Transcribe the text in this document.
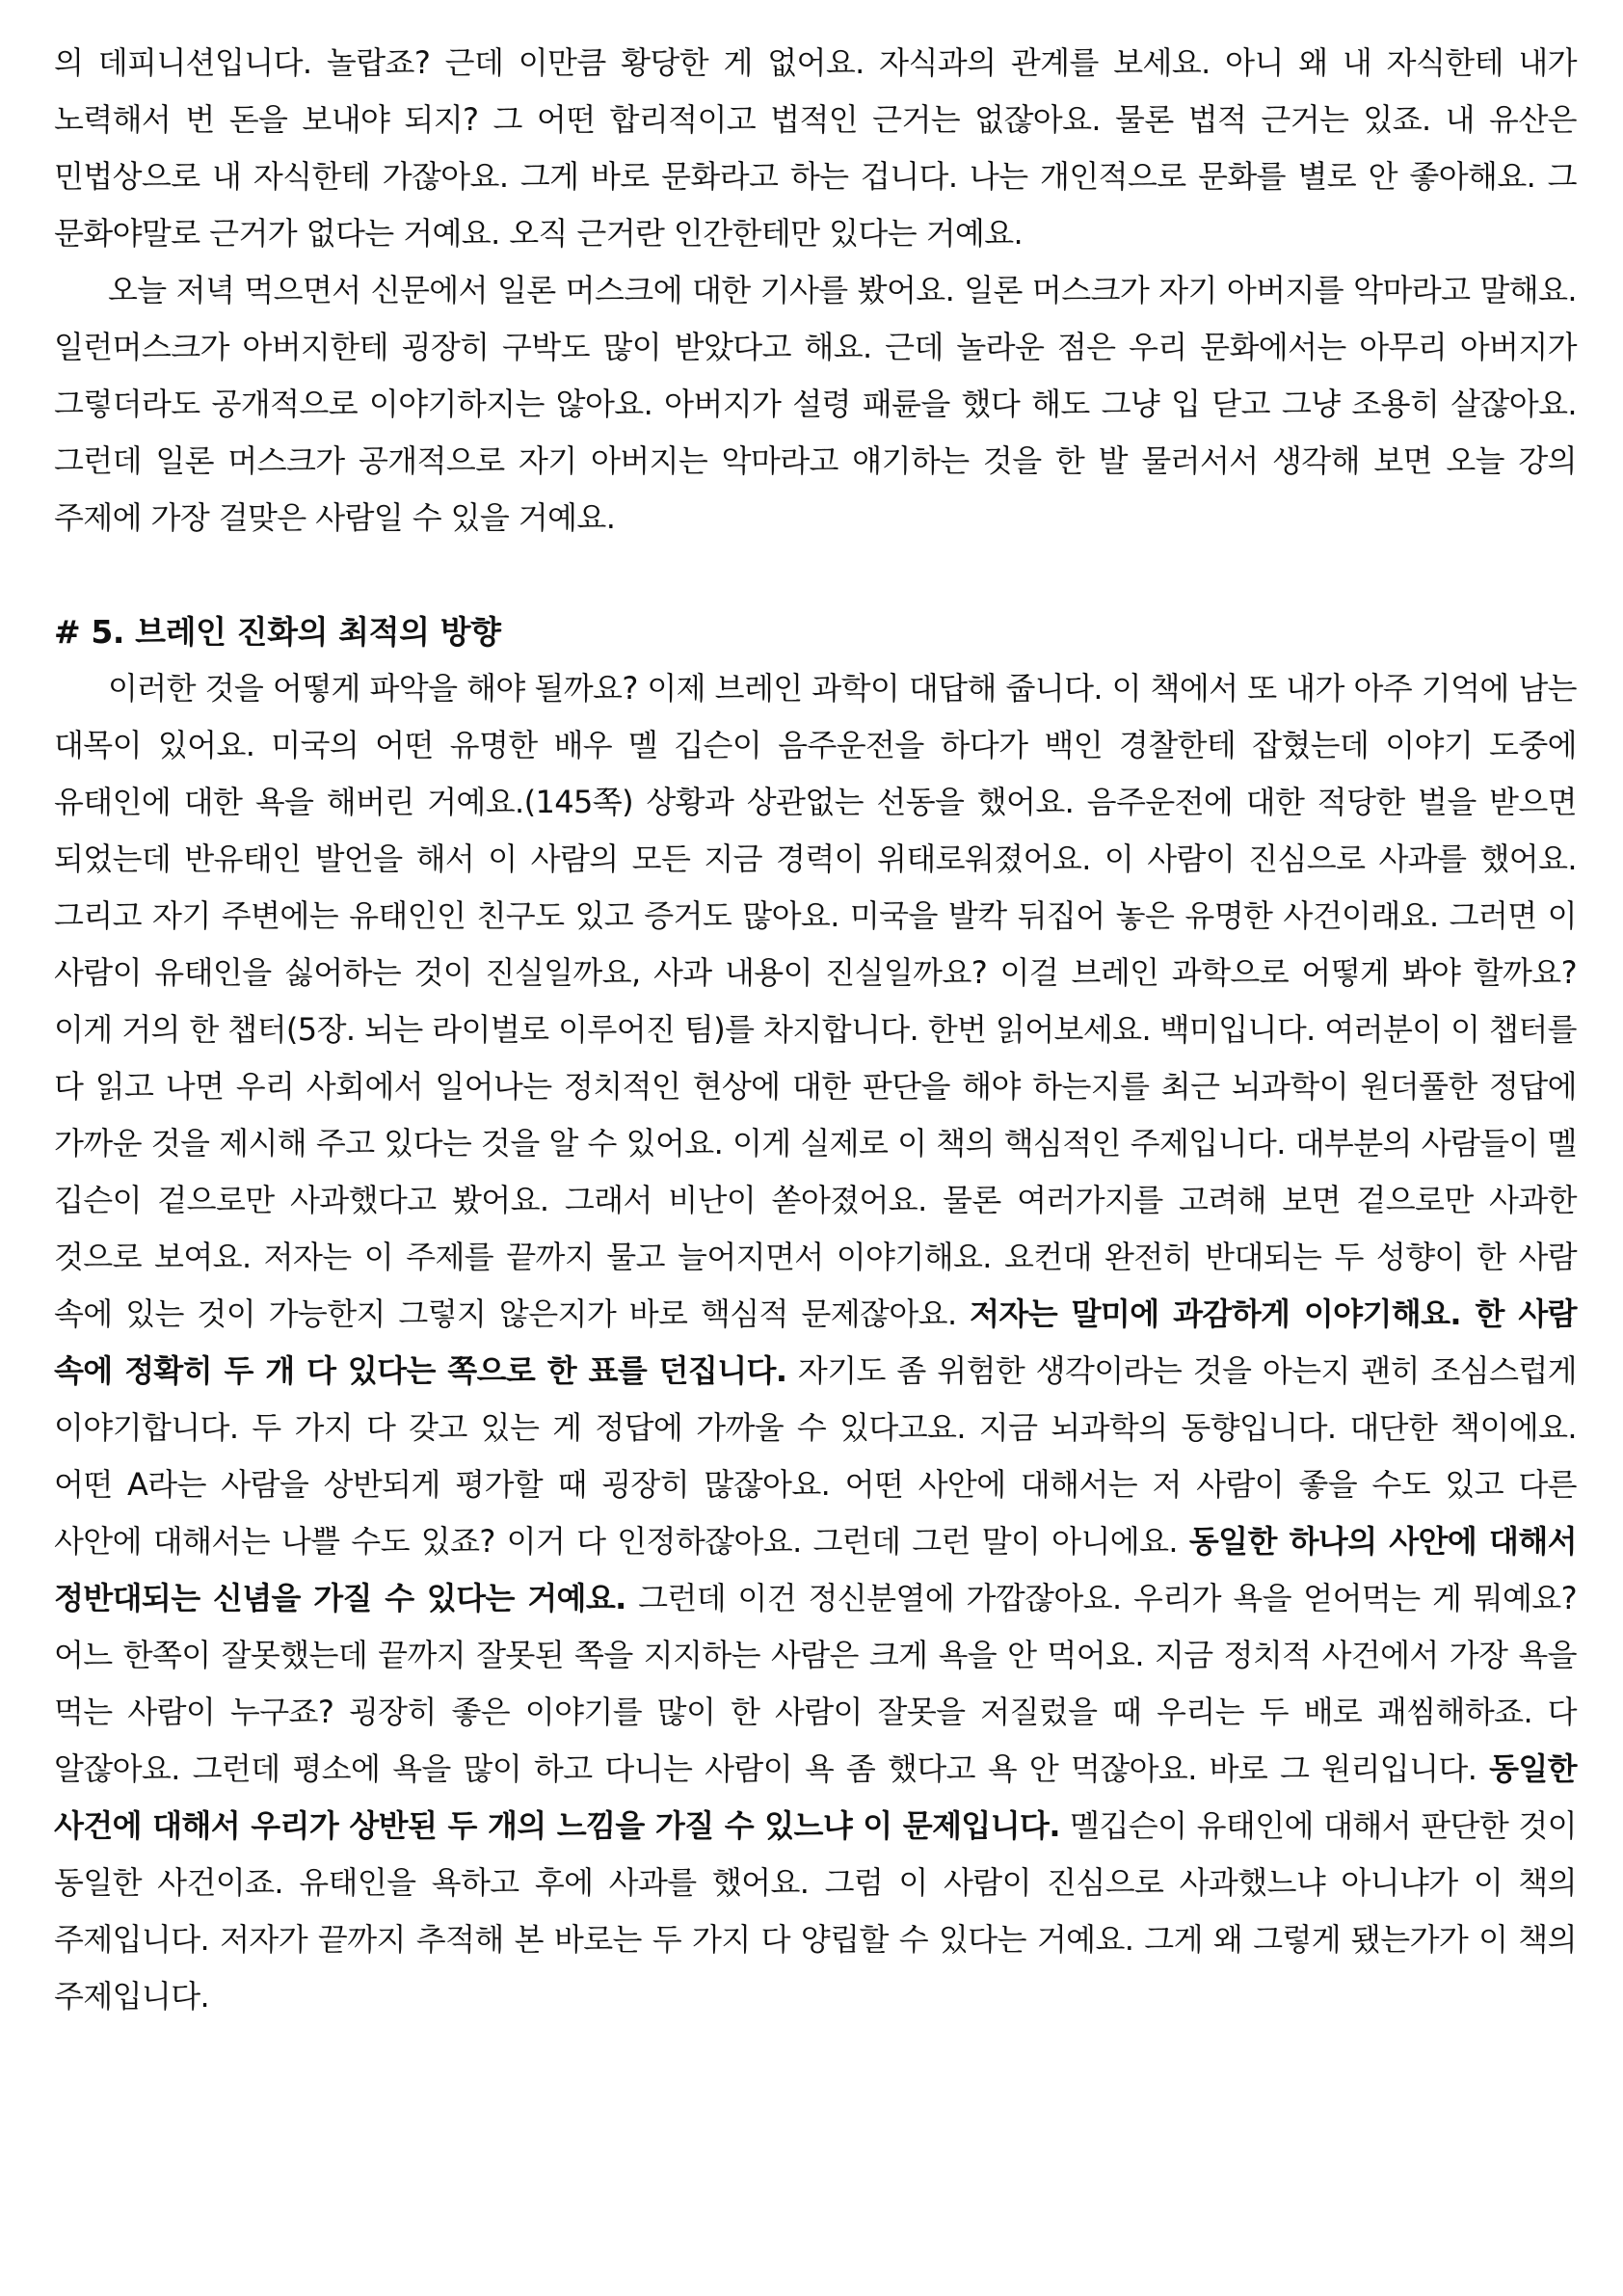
의 데피니션입니다. 놀랍죠? 근데 이만큼 황당한 게 없어요. 자식과의 관계를 보세요. 아니 왜 내 자식한테 내가 노력해서 번 돈을 보내야 되지? 그 어떤 합리적이고 법적인 근거는 없잖아요. 물론 법적 근거는 있죠. 내 유산은 민법상으로 내 자식한테 가잖아요. 그게 바로 문화라고 하는 겁니다. 나는 개인적으로 문화를 별로 안 좋아해요. 그 문화야말로 근거가 없다는 거예요. 오직 근거란 인간한테만 있다는 거예요.

오늘 저녁 먹으면서 신문에서 일론 머스크에 대한 기사를 봤어요. 일론 머스크가 자기 아버지를 악마라고 말해요. 일런머스크가 아버지한테 굉장히 구박도 많이 받았다고 해요. 근데 놀라운 점은 우리 문화에서는 아무리 아버지가 그렇더라도 공개적으로 이야기하지는 않아요. 아버지가 설령 패륜을 했다 해도 그냥 입 닫고 그냥 조용히 살잖아요. 그런데 일론 머스크가 공개적으로 자기 아버지는 악마라고 얘기하는 것을 한 발 물러서서 생각해 보면 오늘 강의 주제에 가장 걸맞은 사람일 수 있을 거예요.

# 5. 브레인 진화의 최적의 방향

이러한 것을 어떻게 파악을 해야 될까요? 이제 브레인 과학이 대답해 줍니다. 이 책에서 또 내가 아주 기억에 남는 대목이 있어요. 미국의 어떤 유명한 배우 멜 깁슨이 음주운전을 하다가 백인 경찰한테 잡혔는데 이야기 도중에 유태인에 대한 욕을 해버린 거예요.(145쪽) 상황과 상관없는 선동을 했어요. 음주운전에 대한 적당한 벌을 받으면 되었는데 반유태인 발언을 해서 이 사람의 모든 지금 경력이 위태로워졌어요. 이 사람이 진심으로 사과를 했어요. 그리고 자기 주변에는 유태인인 친구도 있고 증거도 많아요. 미국을 발칵 뒤집어 놓은 유명한 사건이래요. 그러면 이 사람이 유태인을 싫어하는 것이 진실일까요, 사과 내용이 진실일까요? 이걸 브레인 과학으로 어떻게 봐야 할까요? 이게 거의 한 챕터(5장. 뇌는 라이벌로 이루어진 팀)를 차지합니다. 한번 읽어보세요. 백미입니다. 여러분이 이 챕터를 다 읽고 나면 우리 사회에서 일어나는 정치적인 현상에 대한 판단을 해야 하는지를 최근 뇌과학이 원더풀한 정답에 가까운 것을 제시해 주고 있다는 것을 알 수 있어요. 이게 실제로 이 책의 핵심적인 주제입니다. 대부분의 사람들이 멜 깁슨이 겉으로만 사과했다고 봤어요. 그래서 비난이 쏟아졌어요. 물론 여러가지를 고려해 보면 겉으로만 사과한 것으로 보여요. 저자는 이 주제를 끝까지 물고 늘어지면서 이야기해요. 요컨대 완전히 반대되는 두 성향이 한 사람 속에 있는 것이 가능한지 그렇지 않은지가 바로 핵심적 문제잖아요. 저자는 말미에 과감하게 이야기해요. 한 사람 속에 정확히 두 개 다 있다는 쪽으로 한 표를 던집니다. 자기도 좀 위험한 생각이라는 것을 아는지 괜히 조심스럽게 이야기합니다. 두 가지 다 갖고 있는 게 정답에 가까울 수 있다고요. 지금 뇌과학의 동향입니다. 대단한 책이에요. 어떤 A라는 사람을 상반되게 평가할 때 굉장히 많잖아요. 어떤 사안에 대해서는 저 사람이 좋을 수도 있고 다른 사안에 대해서는 나쁠 수도 있죠? 이거 다 인정하잖아요. 그런데 그런 말이 아니에요. 동일한 하나의 사안에 대해서 정반대되는 신념을 가질 수 있다는 거예요. 그런데 이건 정신분열에 가깝잖아요. 우리가 욕을 얻어먹는 게 뭐예요? 어느 한쪽이 잘못했는데 끝까지 잘못된 쪽을 지지하는 사람은 크게 욕을 안 먹어요. 지금 정치적 사건에서 가장 욕을 먹는 사람이 누구죠? 굉장히 좋은 이야기를 많이 한 사람이 잘못을 저질렀을 때 우리는 두 배로 괘씸해하죠. 다 알잖아요. 그런데 평소에 욕을 많이 하고 다니는 사람이 욕 좀 했다고 욕 안 먹잖아요. 바로 그 원리입니다. 동일한 사건에 대해서 우리가 상반된 두 개의 느낌을 가질 수 있느냐 이 문제입니다. 멜깁슨이 유태인에 대해서 판단한 것이 동일한 사건이죠. 유태인을 욕하고 후에 사과를 했어요. 그럼 이 사람이 진심으로 사과했느냐 아니냐가 이 책의 주제입니다. 저자가 끝까지 추적해 본 바로는 두 가지 다 양립할 수 있다는 거예요. 그게 왜 그렇게 됐는가가 이 책의 주제입니다.
